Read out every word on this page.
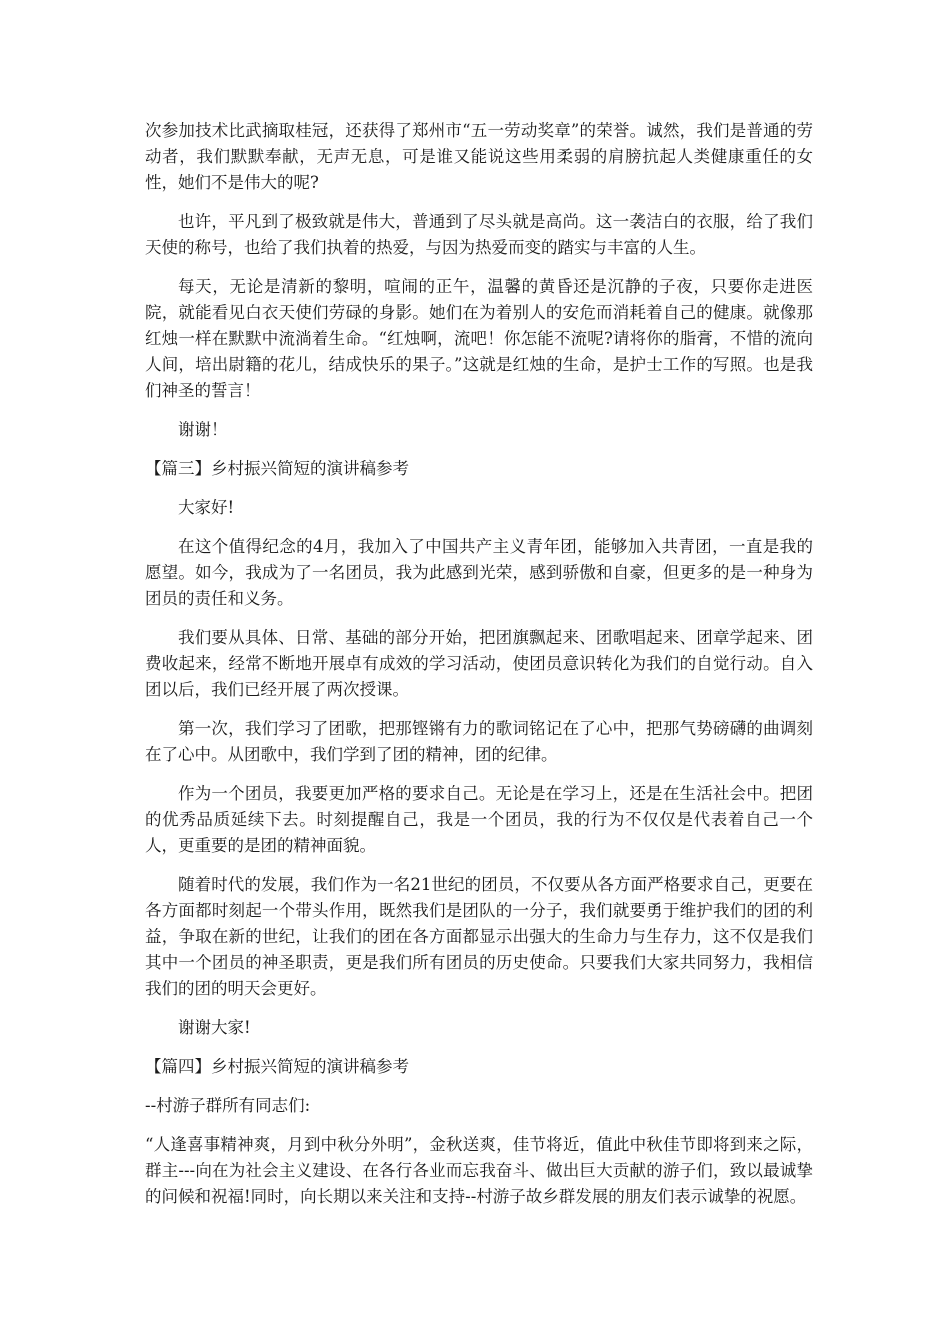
次参加技术比武摘取桂冠，还获得了郑州市“五一劳动奖章”的荣誉。诚然，我们是普通的劳动者，我们默默奉献，无声无息，可是谁又能说这些用柔弱的肩膀抗起人类健康重任的女性，她们不是伟大的呢?

也许，平凡到了极致就是伟大，普通到了尽头就是高尚。这一袭洁白的衣服，给了我们天使的称号，也给了我们执着的热爱，与因为热爱而变的踏实与丰富的人生。

每天，无论是清新的黎明，喧闹的正午，温馨的黄昏还是沉静的子夜，只要你走进医院，就能看见白衣天使们劳碌的身影。她们在为着别人的安危而消耗着自己的健康。就像那红烛一样在默默中流淌着生命。“红烛啊，流吧！你怎能不流呢?请将你的脂膏，不惜的流向人间，培出尉籍的花儿，结成快乐的果子。”这就是红烛的生命，是护士工作的写照。也是我们神圣的誓言！

谢谢！

【篇三】乡村振兴简短的演讲稿参考

大家好!

在这个值得纪念的4月，我加入了中国共产主义青年团，能够加入共青团，一直是我的愿望。如今，我成为了一名团员，我为此感到光荣，感到骄傲和自豪，但更多的是一种身为团员的责任和义务。

我们要从具体、日常、基础的部分开始，把团旗飘起来、团歌唱起来、团章学起来、团费收起来，经常不断地开展卓有成效的学习活动，使团员意识转化为我们的自觉行动。自入团以后，我们已经开展了两次授课。

第一次，我们学习了团歌，把那铿锵有力的歌词铭记在了心中，把那气势磅礴的曲调刻在了心中。从团歌中，我们学到了团的精神，团的纪律。

作为一个团员，我要更加严格的要求自己。无论是在学习上，还是在生活社会中。把团的优秀品质延续下去。时刻提醒自己，我是一个团员，我的行为不仅仅是代表着自己一个人，更重要的是团的精神面貌。

随着时代的发展，我们作为一名21世纪的团员，不仅要从各方面严格要求自己，更要在各方面都时刻起一个带头作用，既然我们是团队的一分子，我们就要勇于维护我们的团的利益，争取在新的世纪，让我们的团在各方面都显示出强大的生命力与生存力，这不仅是我们其中一个团员的神圣职责，更是我们所有团员的历史使命。只要我们大家共同努力，我相信我们的团的明天会更好。

谢谢大家!

【篇四】乡村振兴简短的演讲稿参考

--村游子群所有同志们:

“人逢喜事精神爽，月到中秋分外明”，金秋送爽，佳节将近，值此中秋佳节即将到来之际，群主---向在为社会主义建设、在各行各业而忘我奋斗、做出巨大贡献的游子们，致以最诚挚的问候和祝福!同时，向长期以来关注和支持--村游子故乡群发展的朋友们表示诚挚的祝愿。
